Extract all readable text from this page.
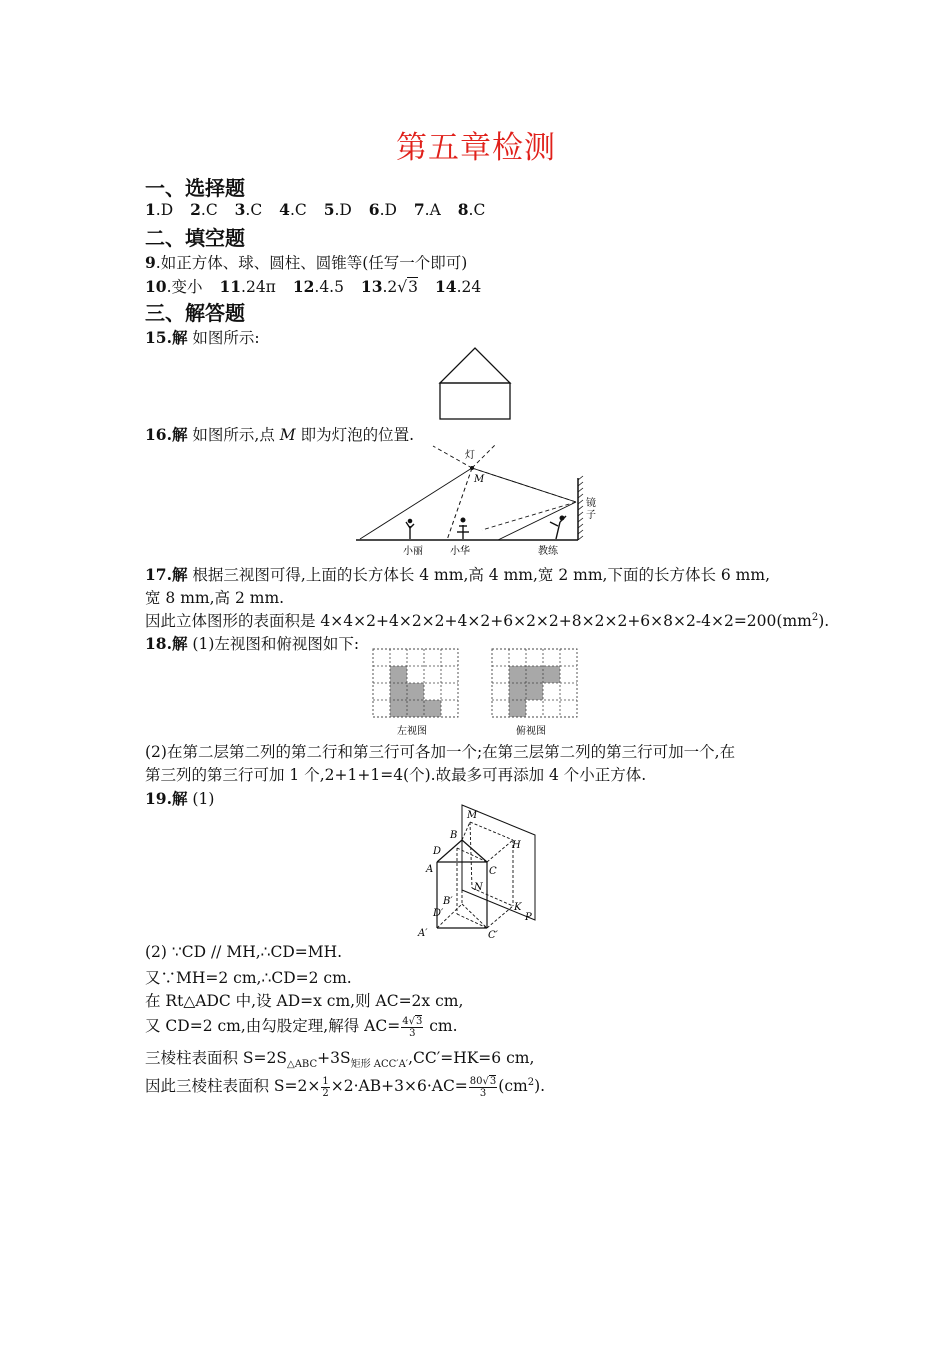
第五章检测
一、选择题
1.D 2.C 3.C 4.C 5.D 6.D 7.A 8.C
二、填空题
9.如正方体、球、圆柱、圆锥等(任写一个即可)
10.变小 11.24π 12.4.5 13.2√3 14.24
三、解答题
15.解 如图所示:
16.解 如图所示,点 M 即为灯泡的位置.
灯
M
镜
子
小丽	小华	教练
17.解 根据三视图可得,上面的长方体长 4 mm,高 4 mm,宽 2 mm,下面的长方体长 6 mm,
宽 8 mm,高 2 mm.
因此立体图形的表面积是 $4\times 4\times 2+4\times 2\times 2+4\times 2+6\times 2\times 2+8\times 2\times 2+6\times 8\times 2-4\times 2=200(mm^2)$.
18.解 (1)左视图和俯视图如下:
左视图	俯视图
(2)在第二层第二列的第二行和第三行可各加一个;在第三层第二列的第三行可加一个,在
第三列的第三行可加 1 个,2+1+1=4(个).故最多可再添加 4 个小正方体.
19.解 (1)
A
B
C
D
M
H
N
K
P
A′
B′
C′
D′
(2) ∵CD // MH,∴CD=MH.
又∵MH=2 cm,∴CD=2 cm.
在 Rt△ADC 中,设 AD=x cm,则 AC=2x cm,
又 CD=2 cm,由勾股定理,解得 $AC= \frac{4√3}{3}$ cm.
三棱柱表面积 $S=2S_{\triangle ABC}+3S_{矩形 ACC'A'},CC'=HK=6$ cm,
因此三棱柱表面积 $S=2\times \frac{1}{2} \times 2\cdot AB+3\times 6\cdot AC= \frac{80√3}{3} (cm^2)$.
